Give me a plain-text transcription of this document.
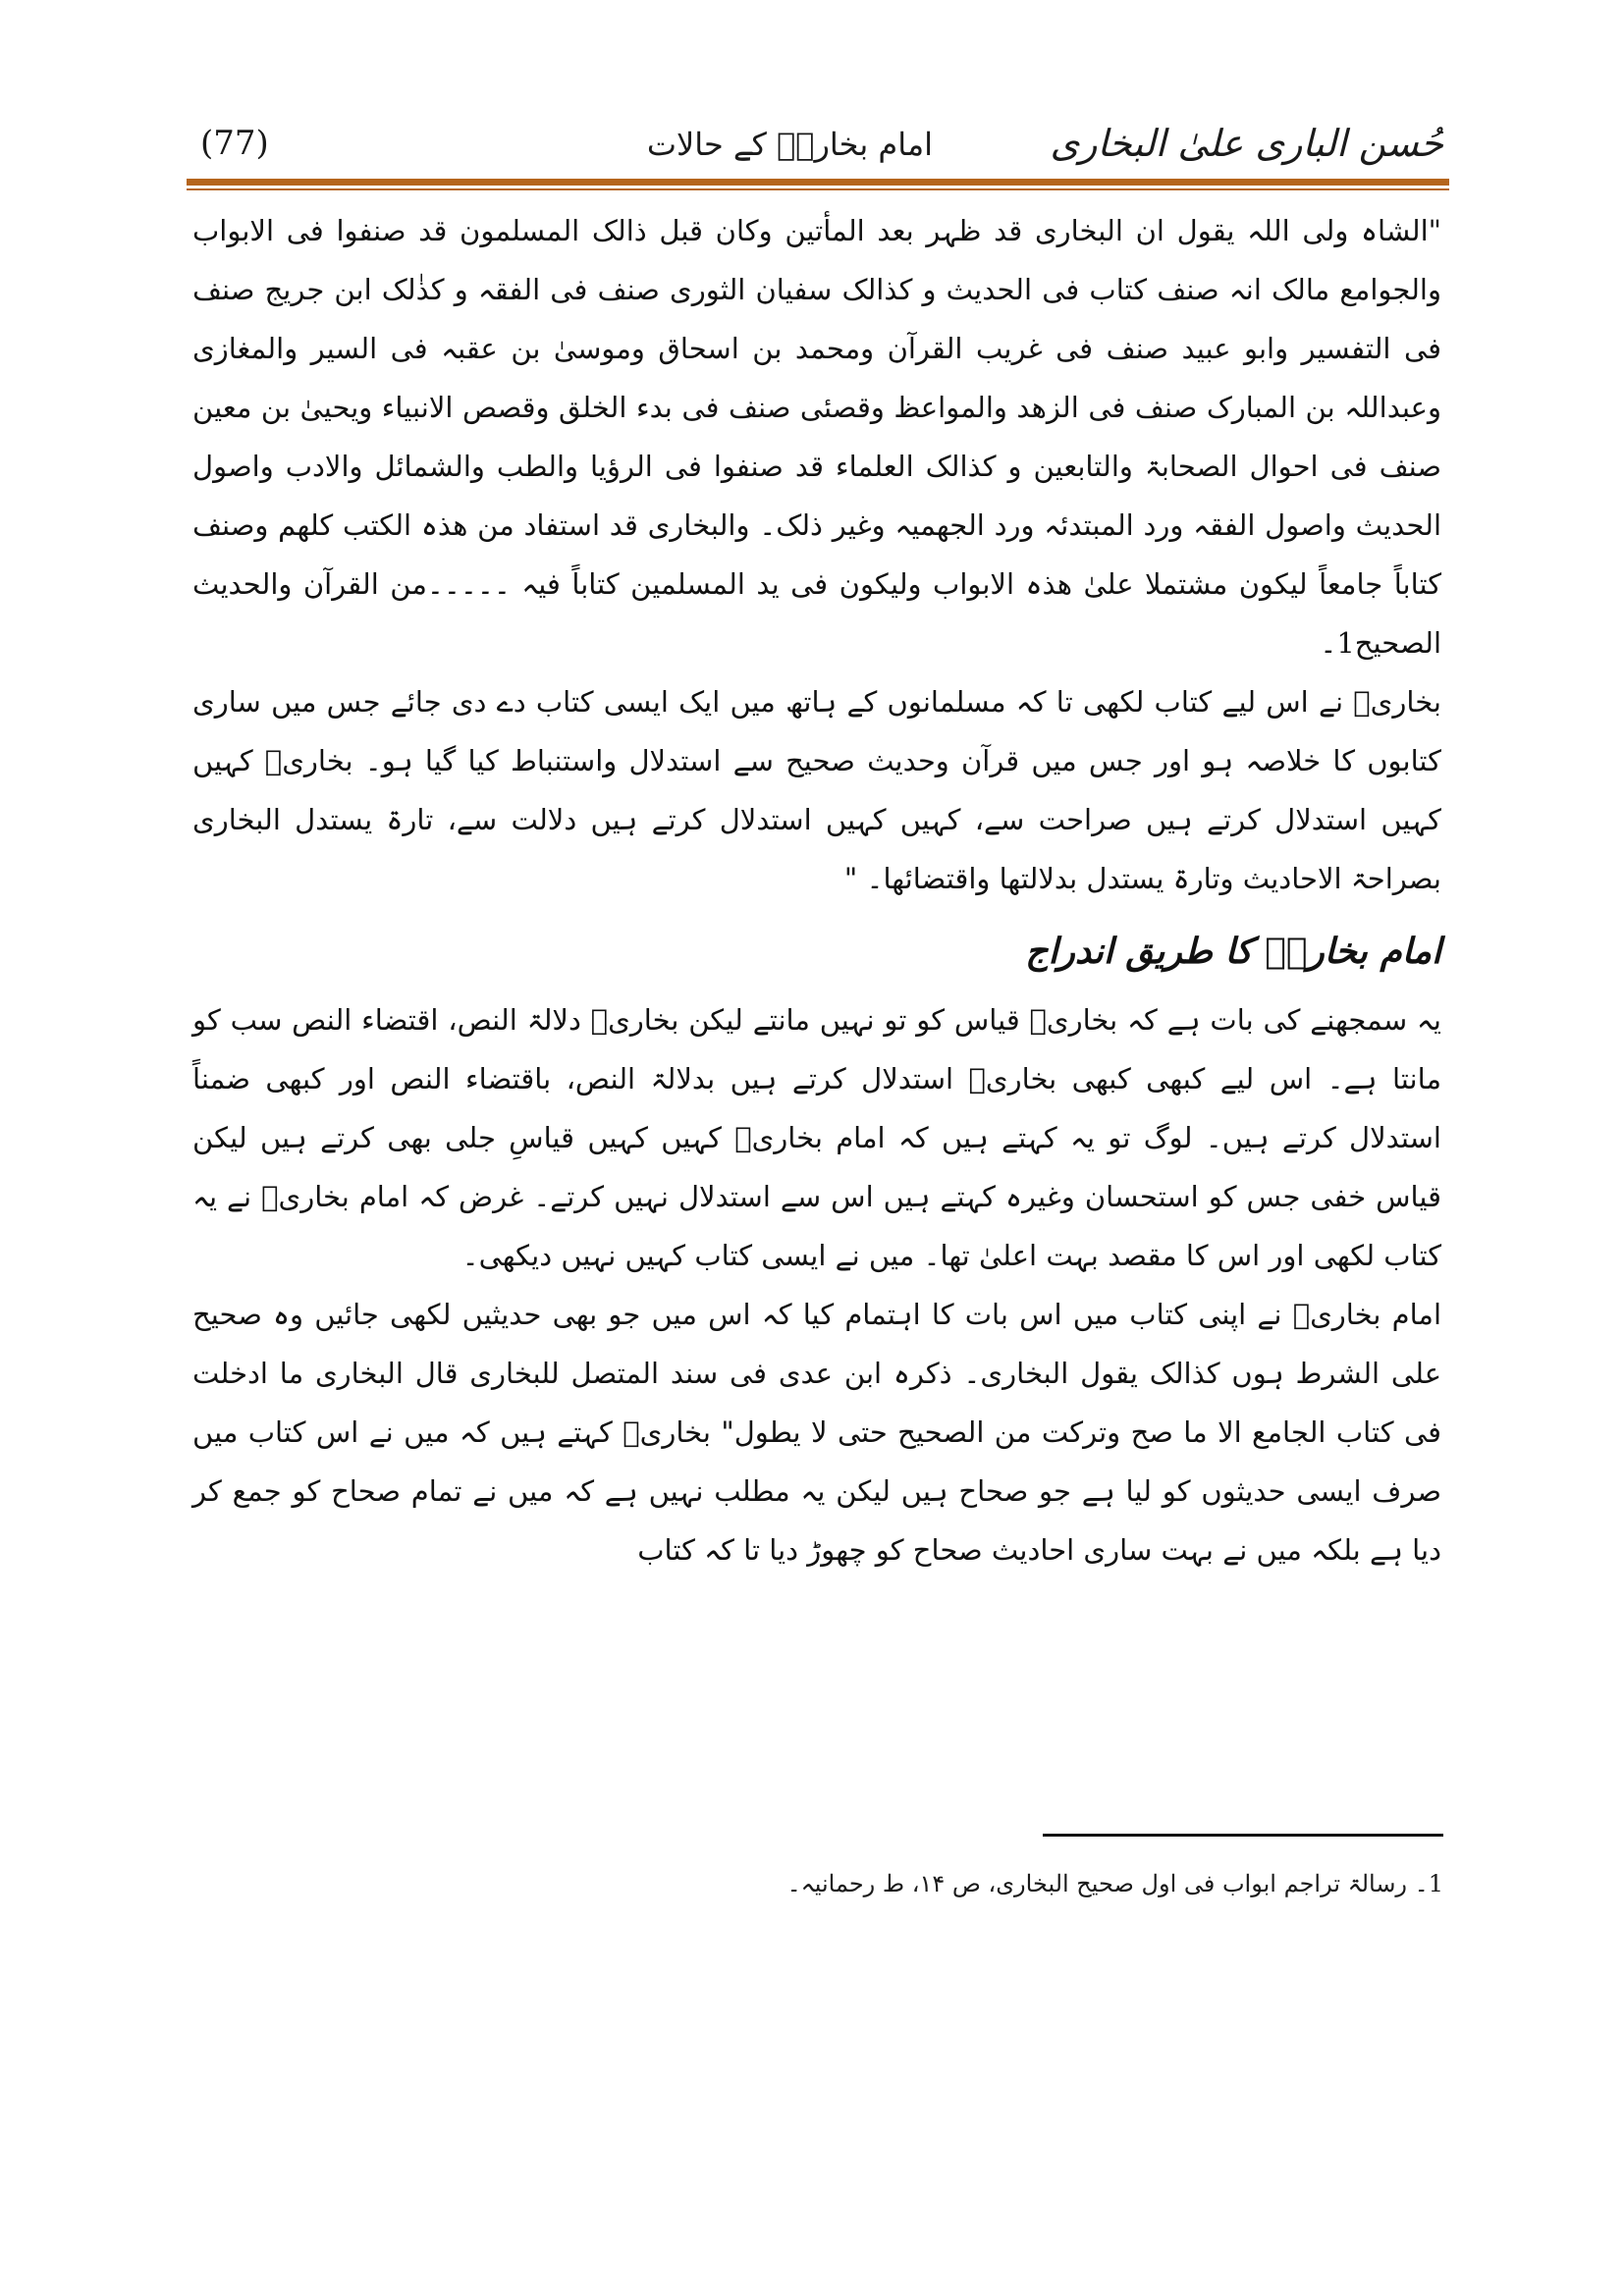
حُسن الباری علیٰ البخاری
امام بخاریؒ کے حالات
(77)

"الشاہ ولی اللہ یقول ان البخاری قد ظہر بعد المأتین وکان قبل ذالک المسلمون قد صنفوا فی الابواب والجوامع مالک انہ صنف کتاب فی الحدیث و کذالک سفیان الثوری صنف فی الفقہ و کذٰلک ابن جریج صنف فی التفسیر وابو عبید صنف فی غریب القرآن ومحمد بن اسحاق وموسیٰ بن عقبہ فی السیر والمغازی وعبداللہ بن المبارک صنف فی الزھد والمواعظ وقصئی صنف فی بدء الخلق وقصص الانبیاء ویحییٰ بن معین صنف فی احوال الصحابۃ والتابعین و کذالک العلماء قد صنفوا فی الرؤیا والطب والشمائل والادب واصول الحدیث واصول الفقہ ورد المبتدئہ ورد الجھمیہ وغیر ذلک۔ والبخاری قد استفاد من ھذہ الکتب کلھم وصنف کتاباً جامعاً لیکون مشتملا علیٰ ھذہ الابواب ولیکون فی ید المسلمین کتاباً فیہ ۔۔۔۔۔من القرآن والحدیث الصحیح1۔

بخاریؒ نے اس لیے کتاب لکھی تا کہ مسلمانوں کے ہاتھ میں ایک ایسی کتاب دے دی جائے جس میں ساری کتابوں کا خلاصہ ہو اور جس میں قرآن وحدیث صحیح سے استدلال واستنباط کیا گیا ہو۔ بخاریؒ کہیں کہیں استدلال کرتے ہیں صراحت سے، کہیں کہیں استدلال کرتے ہیں دلالت سے، تارۃ یستدل البخاری بصراحۃ الاحادیث وتارۃ یستدل بدلالتھا واقتضائھا۔ "

امام بخاریؒ کا طریق اندراج

یہ سمجھنے کی بات ہے کہ بخاریؒ قیاس کو تو نہیں مانتے لیکن بخاریؒ دلالۃ النص، اقتضاء النص سب کو مانتا ہے۔ اس لیے کبھی کبھی بخاریؒ استدلال کرتے ہیں بدلالۃ النص، باقتضاء النص اور کبھی ضمناً استدلال کرتے ہیں۔ لوگ تو یہ کہتے ہیں کہ امام بخاریؒ کہیں کہیں قیاسِ جلی بھی کرتے ہیں لیکن قیاس خفی جس کو استحسان وغیرہ کہتے ہیں اس سے استدلال نہیں کرتے۔ غرض کہ امام بخاریؒ نے یہ کتاب لکھی اور اس کا مقصد بہت اعلیٰ تھا۔ میں نے ایسی کتاب کہیں نہیں دیکھی۔

امام بخاریؒ نے اپنی کتاب میں اس بات کا اہتمام کیا کہ اس میں جو بھی حدیثیں لکھی جائیں وہ صحیح علی الشرط ہوں کذالک یقول البخاری۔ ذکرہ ابن عدی فی سند المتصل للبخاری قال البخاری ما ادخلت فی کتاب الجامع الا ما صح وترکت من الصحیح حتی لا یطول" بخاریؒ کہتے ہیں کہ میں نے اس کتاب میں صرف ایسی حدیثوں کو لیا ہے جو صحاح ہیں لیکن یہ مطلب نہیں ہے کہ میں نے تمام صحاح کو جمع کر دیا ہے بلکہ میں نے بہت ساری احادیث صحاح کو چھوڑ دیا تا کہ کتاب

1۔ رسالۃ تراجم ابواب فی اول صحیح البخاری، ص ۱۴، ط رحمانیہ۔
